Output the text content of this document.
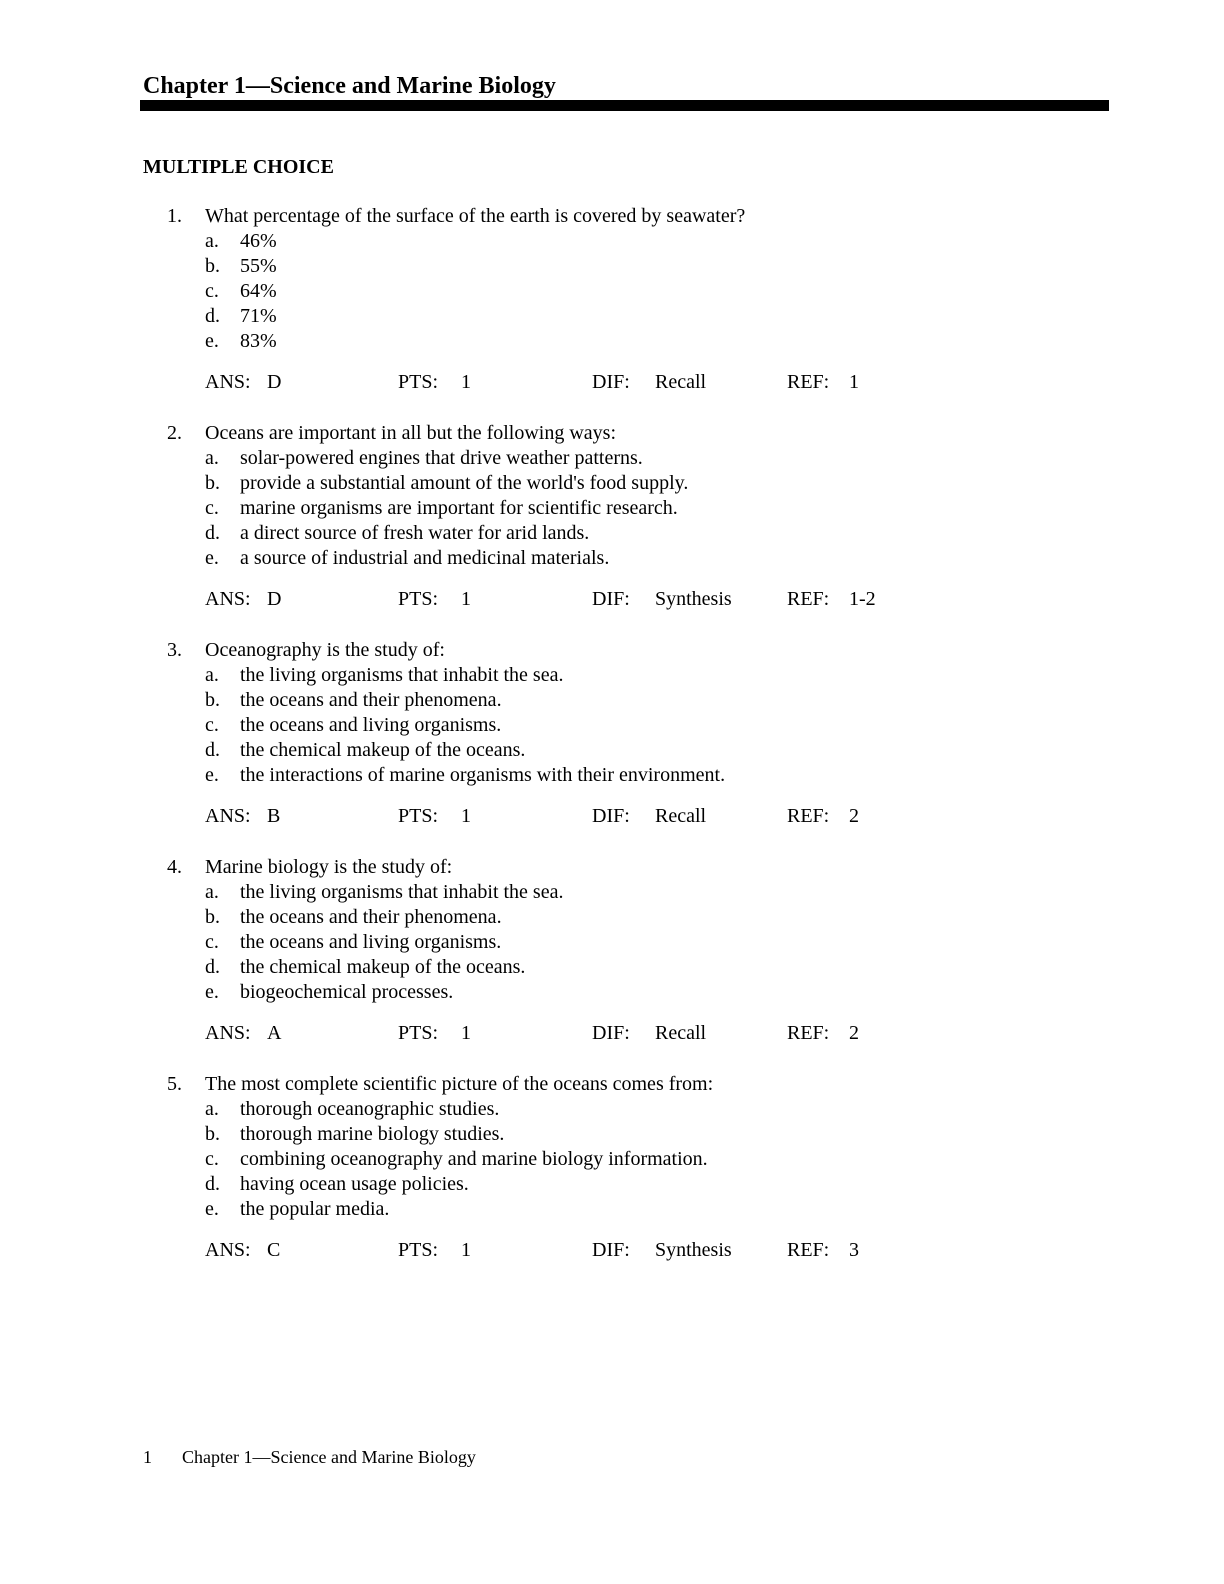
Chapter 1—Science and Marine Biology
MULTIPLE CHOICE
1.	What percentage of the surface of the earth is covered by seawater?
a. 46%
b. 55%
c. 64%
d. 71%
e. 83%
ANS: D	PTS: 1	DIF: Recall	REF: 1
2.	Oceans are important in all but the following ways:
a. solar-powered engines that drive weather patterns.
b. provide a substantial amount of the world's food supply.
c. marine organisms are important for scientific research.
d. a direct source of fresh water for arid lands.
e. a source of industrial and medicinal materials.
ANS: D	PTS: 1	DIF: Synthesis	REF: 1-2
3.	Oceanography is the study of:
a. the living organisms that inhabit the sea.
b. the oceans and their phenomena.
c. the oceans and living organisms.
d. the chemical makeup of the oceans.
e. the interactions of marine organisms with their environment.
ANS: B	PTS: 1	DIF: Recall	REF: 2
4.	Marine biology is the study of:
a. the living organisms that inhabit the sea.
b. the oceans and their phenomena.
c. the oceans and living organisms.
d. the chemical makeup of the oceans.
e. biogeochemical processes.
ANS: A	PTS: 1	DIF: Recall	REF: 2
5.	The most complete scientific picture of the oceans comes from:
a. thorough oceanographic studies.
b. thorough marine biology studies.
c. combining oceanography and marine biology information.
d. having ocean usage policies.
e. the popular media.
ANS: C	PTS: 1	DIF: Synthesis	REF: 3
1 Chapter 1—Science and Marine Biology
